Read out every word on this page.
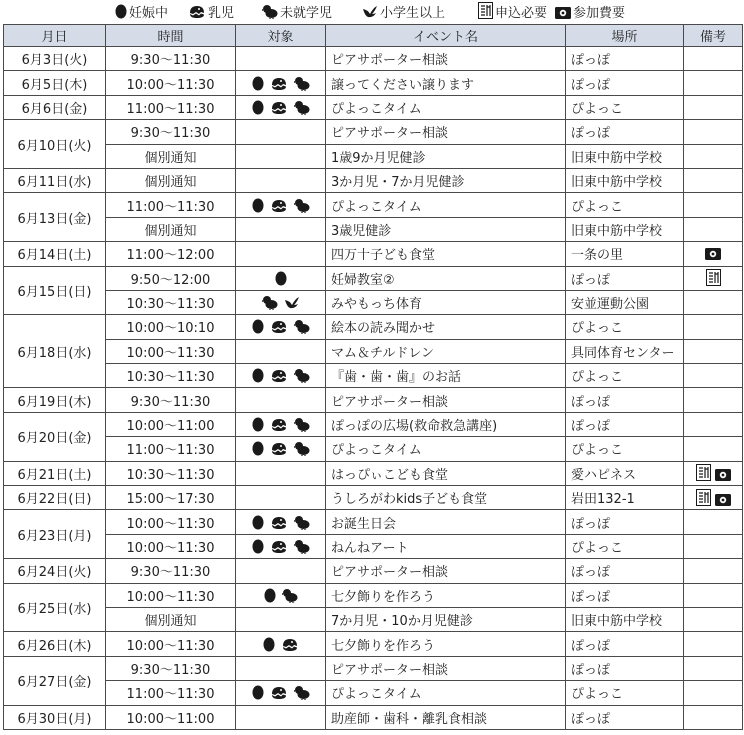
妊娠中	乳児	未就学児	小学生以上	申込必要	参加費要
月日	時間	対象	イベント名	場所	備考
6月3日(火)	9:30〜11:30		ピアサポーター相談	ぽっぽ	
6月5日(木)	10:00〜11:30		譲ってください譲ります	ぽっぽ	
6月6日(金)	11:00〜11:30		ぴよっこタイム	ぴよっこ	
6月10日(火)	9:30〜11:30		ピアサポーター相談	ぽっぽ	
	個別通知		1歳9か月児健診	旧東中筋中学校	
6月11日(水)	個別通知		3か月児・7か月児健診	旧東中筋中学校	
6月13日(金)	11:00〜11:30		ぴよっこタイム	ぴよっこ	
	個別通知		3歳児健診	旧東中筋中学校	
6月14日(土)	11:00〜12:00		四万十子ども食堂	一条の里	
6月15日(日)	9:50〜12:00		妊婦教室②	ぽっぽ	
	10:30〜11:30		みやもっち体育	安並運動公園	
6月18日(水)	10:00〜10:10		絵本の読み聞かせ	ぴよっこ	
	10:00〜11:30		マム＆チルドレン	具同体育センター	
	10:30〜11:30		『歯・歯・歯』のお話	ぴよっこ	
6月19日(木)	9:30〜11:30		ピアサポーター相談	ぽっぽ	
6月20日(金)	10:00〜11:00		ぽっぽの広場(救命救急講座)	ぽっぽ	
	11:00〜11:30		ぴよっこタイム	ぴよっこ	
6月21日(土)	10:30〜11:30		はっぴぃこども食堂	愛ハピネス	
6月22日(日)	15:00〜17:30		うしろがわkids子ども食堂	岩田132-1	
6月23日(月)	10:00〜11:30		お誕生日会	ぽっぽ	
	10:00〜11:30		ねんねアート	ぴよっこ	
6月24日(火)	9:30〜11:30		ピアサポーター相談	ぽっぽ	
6月25日(水)	10:00〜11:30		七夕飾りを作ろう	ぽっぽ	
	個別通知		7か月児・10か月児健診	旧東中筋中学校	
6月26日(木)	10:00〜11:30		七夕飾りを作ろう	ぽっぽ	
6月27日(金)	9:30〜11:30		ピアサポーター相談	ぽっぽ	
	11:00〜11:30		ぴよっこタイム	ぴよっこ	
6月30日(月)	10:00〜11:00		助産師・歯科・離乳食相談	ぽっぽ	
